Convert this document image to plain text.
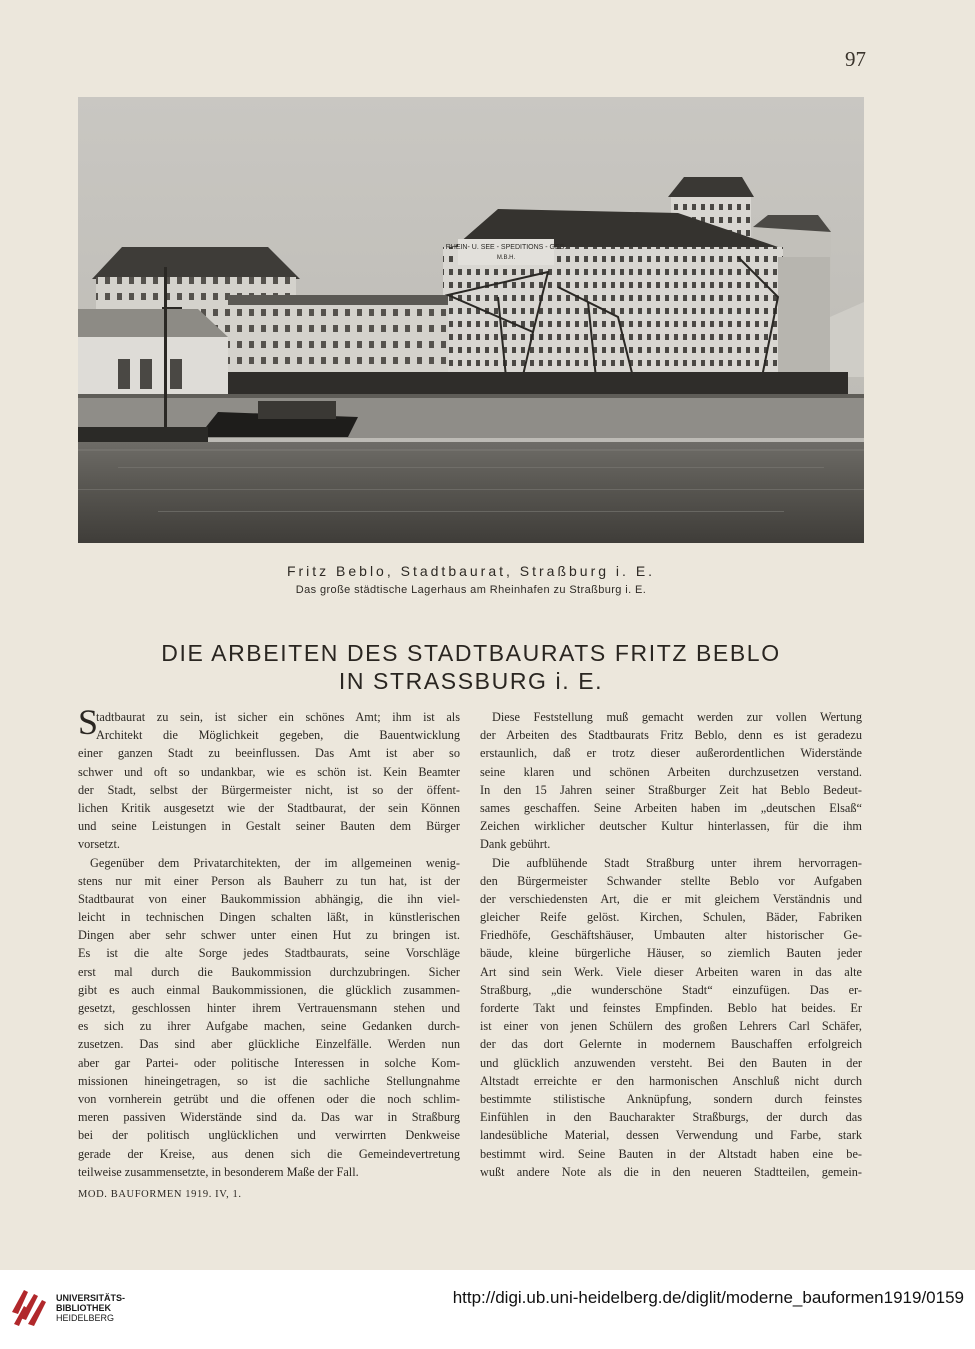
97
RHEIN- U. SEE - SPEDITIONS - GES.
M.B.H.
Fritz Beblo, Stadtbaurat, Straßburg i. E.
Das große städtische Lagerhaus am Rheinhafen zu Straßburg i. E.
DIE ARBEITEN DES STADTBAURATS FRITZ BEBLO
IN STRASSBURG i. E.
S
tadtbaurat zu sein, ist sicher ein schönes Amt; ihm ist als
Architekt die Möglichkeit gegeben, die Bauentwicklung
einer ganzen Stadt zu beeinflussen. Das Amt ist aber so
schwer und oft so undankbar, wie es schön ist. Kein Beamter
der Stadt, selbst der Bürgermeister nicht, ist so der öffent-
lichen Kritik ausgesetzt wie der Stadtbaurat, der sein Können
und seine Leistungen in Gestalt seiner Bauten dem Bürger
vorsetzt.
Gegenüber dem Privatarchitekten, der im allgemeinen wenig-
stens nur mit einer Person als Bauherr zu tun hat, ist der
Stadtbaurat von einer Baukommission abhängig, die ihn viel-
leicht in technischen Dingen schalten läßt, in künstlerischen
Dingen aber sehr schwer unter einen Hut zu bringen ist.
Es ist die alte Sorge jedes Stadtbaurats, seine Vorschläge
erst mal durch die Baukommission durchzubringen. Sicher
gibt es auch einmal Baukommissionen, die glücklich zusammen-
gesetzt, geschlossen hinter ihrem Vertrauensmann stehen und
es sich zu ihrer Aufgabe machen, seine Gedanken durch-
zusetzen. Das sind aber glückliche Einzelfälle. Werden nun
aber gar Partei- oder politische Interessen in solche Kom-
missionen hineingetragen, so ist die sachliche Stellungnahme
von vornherein getrübt und die offenen oder die noch schlim-
meren passiven Widerstände sind da. Das war in Straßburg
bei der politisch unglücklichen und verwirrten Denkweise
gerade der Kreise, aus denen sich die Gemeindevertretung
teilweise zusammensetzte, in besonderem Maße der Fall.
Diese Feststellung muß gemacht werden zur vollen Wertung
der Arbeiten des Stadtbaurats Fritz Beblo, denn es ist geradezu
erstaunlich, daß er trotz dieser außerordentlichen Widerstände
seine klaren und schönen Arbeiten durchzusetzen verstand.
In den 15 Jahren seiner Straßburger Zeit hat Beblo Bedeut-
sames geschaffen. Seine Arbeiten haben im „deutschen Elsaß“
Zeichen wirklicher deutscher Kultur hinterlassen, für die ihm
Dank gebührt.
Die aufblühende Stadt Straßburg unter ihrem hervorragen-
den Bürgermeister Schwander stellte Beblo vor Aufgaben
der verschiedensten Art, die er mit gleichem Verständnis und
gleicher Reife gelöst. Kirchen, Schulen, Bäder, Fabriken
Friedhöfe, Geschäftshäuser, Umbauten alter historischer Ge-
bäude, kleine bürgerliche Häuser, so ziemlich Bauten jeder
Art sind sein Werk. Viele dieser Arbeiten waren in das alte
Straßburg, „die wunderschöne Stadt“ einzufügen. Das er-
forderte Takt und feinstes Empfinden. Beblo hat beides. Er
ist einer von jenen Schülern des großen Lehrers Carl Schäfer,
der das dort Gelernte in modernem Bauschaffen erfolgreich
und glücklich anzuwenden versteht. Bei den Bauten in der
Altstadt erreichte er den harmonischen Anschluß nicht durch
bestimmte stilistische Anknüpfung, sondern durch feinstes
Einfühlen in den Baucharakter Straßburgs, der durch das
landesübliche Material, dessen Verwendung und Farbe, stark
bestimmt wird. Seine Bauten in der Altstadt haben eine be-
wußt andere Note als die in den neueren Stadtteilen, gemein-
MOD. BAUFORMEN 1919. IV, 1.
UNIVERSITÄTS-
BIBLIOTHEK
HEIDELBERG
http://digi.ub.uni-heidelberg.de/diglit/moderne_bauformen1919/0159
